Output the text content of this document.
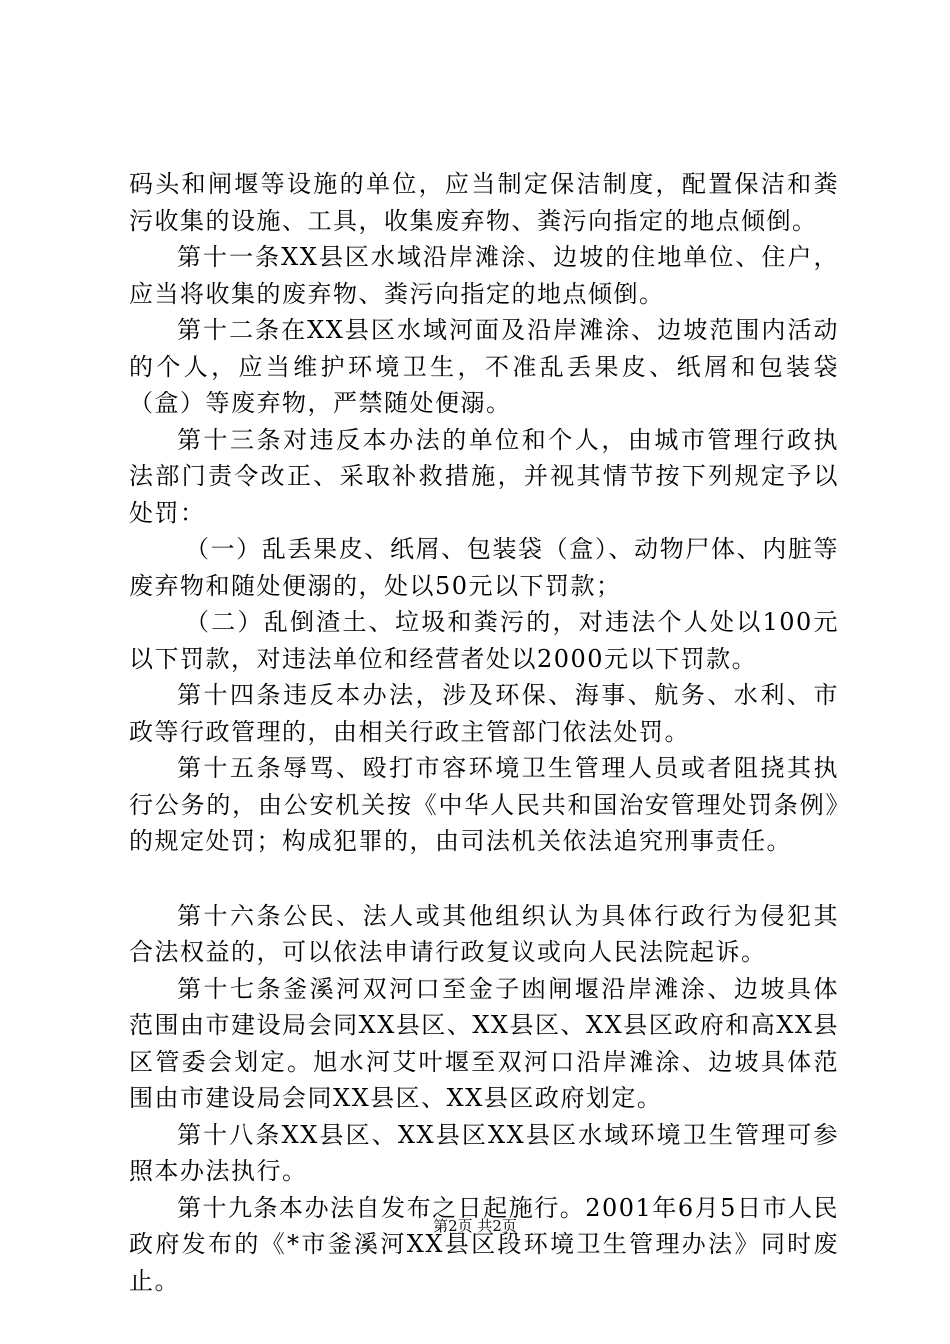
码头和闸堰等设施的单位，应当制定保洁制度，配置保洁和粪污收集的设施、工具，收集废弃物、粪污向指定的地点倾倒。

第十一条XX县区水域沿岸滩涂、边坡的住地单位、住户，应当将收集的废弃物、粪污向指定的地点倾倒。

第十二条在XX县区水域河面及沿岸滩涂、边坡范围内活动的个人，应当维护环境卫生，不准乱丢果皮、纸屑和包装袋（盒）等废弃物，严禁随处便溺。

第十三条对违反本办法的单位和个人，由城市管理行政执法部门责令改正、采取补救措施，并视其情节按下列规定予以处罚：

（一）乱丢果皮、纸屑、包装袋（盒）、动物尸体、内脏等废弃物和随处便溺的，处以50元以下罚款；

（二）乱倒渣土、垃圾和粪污的，对违法个人处以100元以下罚款，对违法单位和经营者处以2000元以下罚款。

第十四条违反本办法，涉及环保、海事、航务、水利、市政等行政管理的，由相关行政主管部门依法处罚。

第十五条辱骂、殴打市容环境卫生管理人员或者阻挠其执行公务的，由公安机关按《中华人民共和国治安管理处罚条例》的规定处罚；构成犯罪的，由司法机关依法追究刑事责任。

第十六条公民、法人或其他组织认为具体行政行为侵犯其合法权益的，可以依法申请行政复议或向人民法院起诉。

第十七条釜溪河双河口至金子凼闸堰沿岸滩涂、边坡具体范围由市建设局会同XX县区、XX县区、XX县区政府和高XX县区管委会划定。旭水河艾叶堰至双河口沿岸滩涂、边坡具体范围由市建设局会同XX县区、XX县区政府划定。

第十八条XX县区、XX县区XX县区水域环境卫生管理可参照本办法执行。

第十九条本办法自发布之日起施行。2001年6月5日市人民政府发布的《*市釜溪河XX县区段环境卫生管理办法》同时废止。

第2页 共2页
